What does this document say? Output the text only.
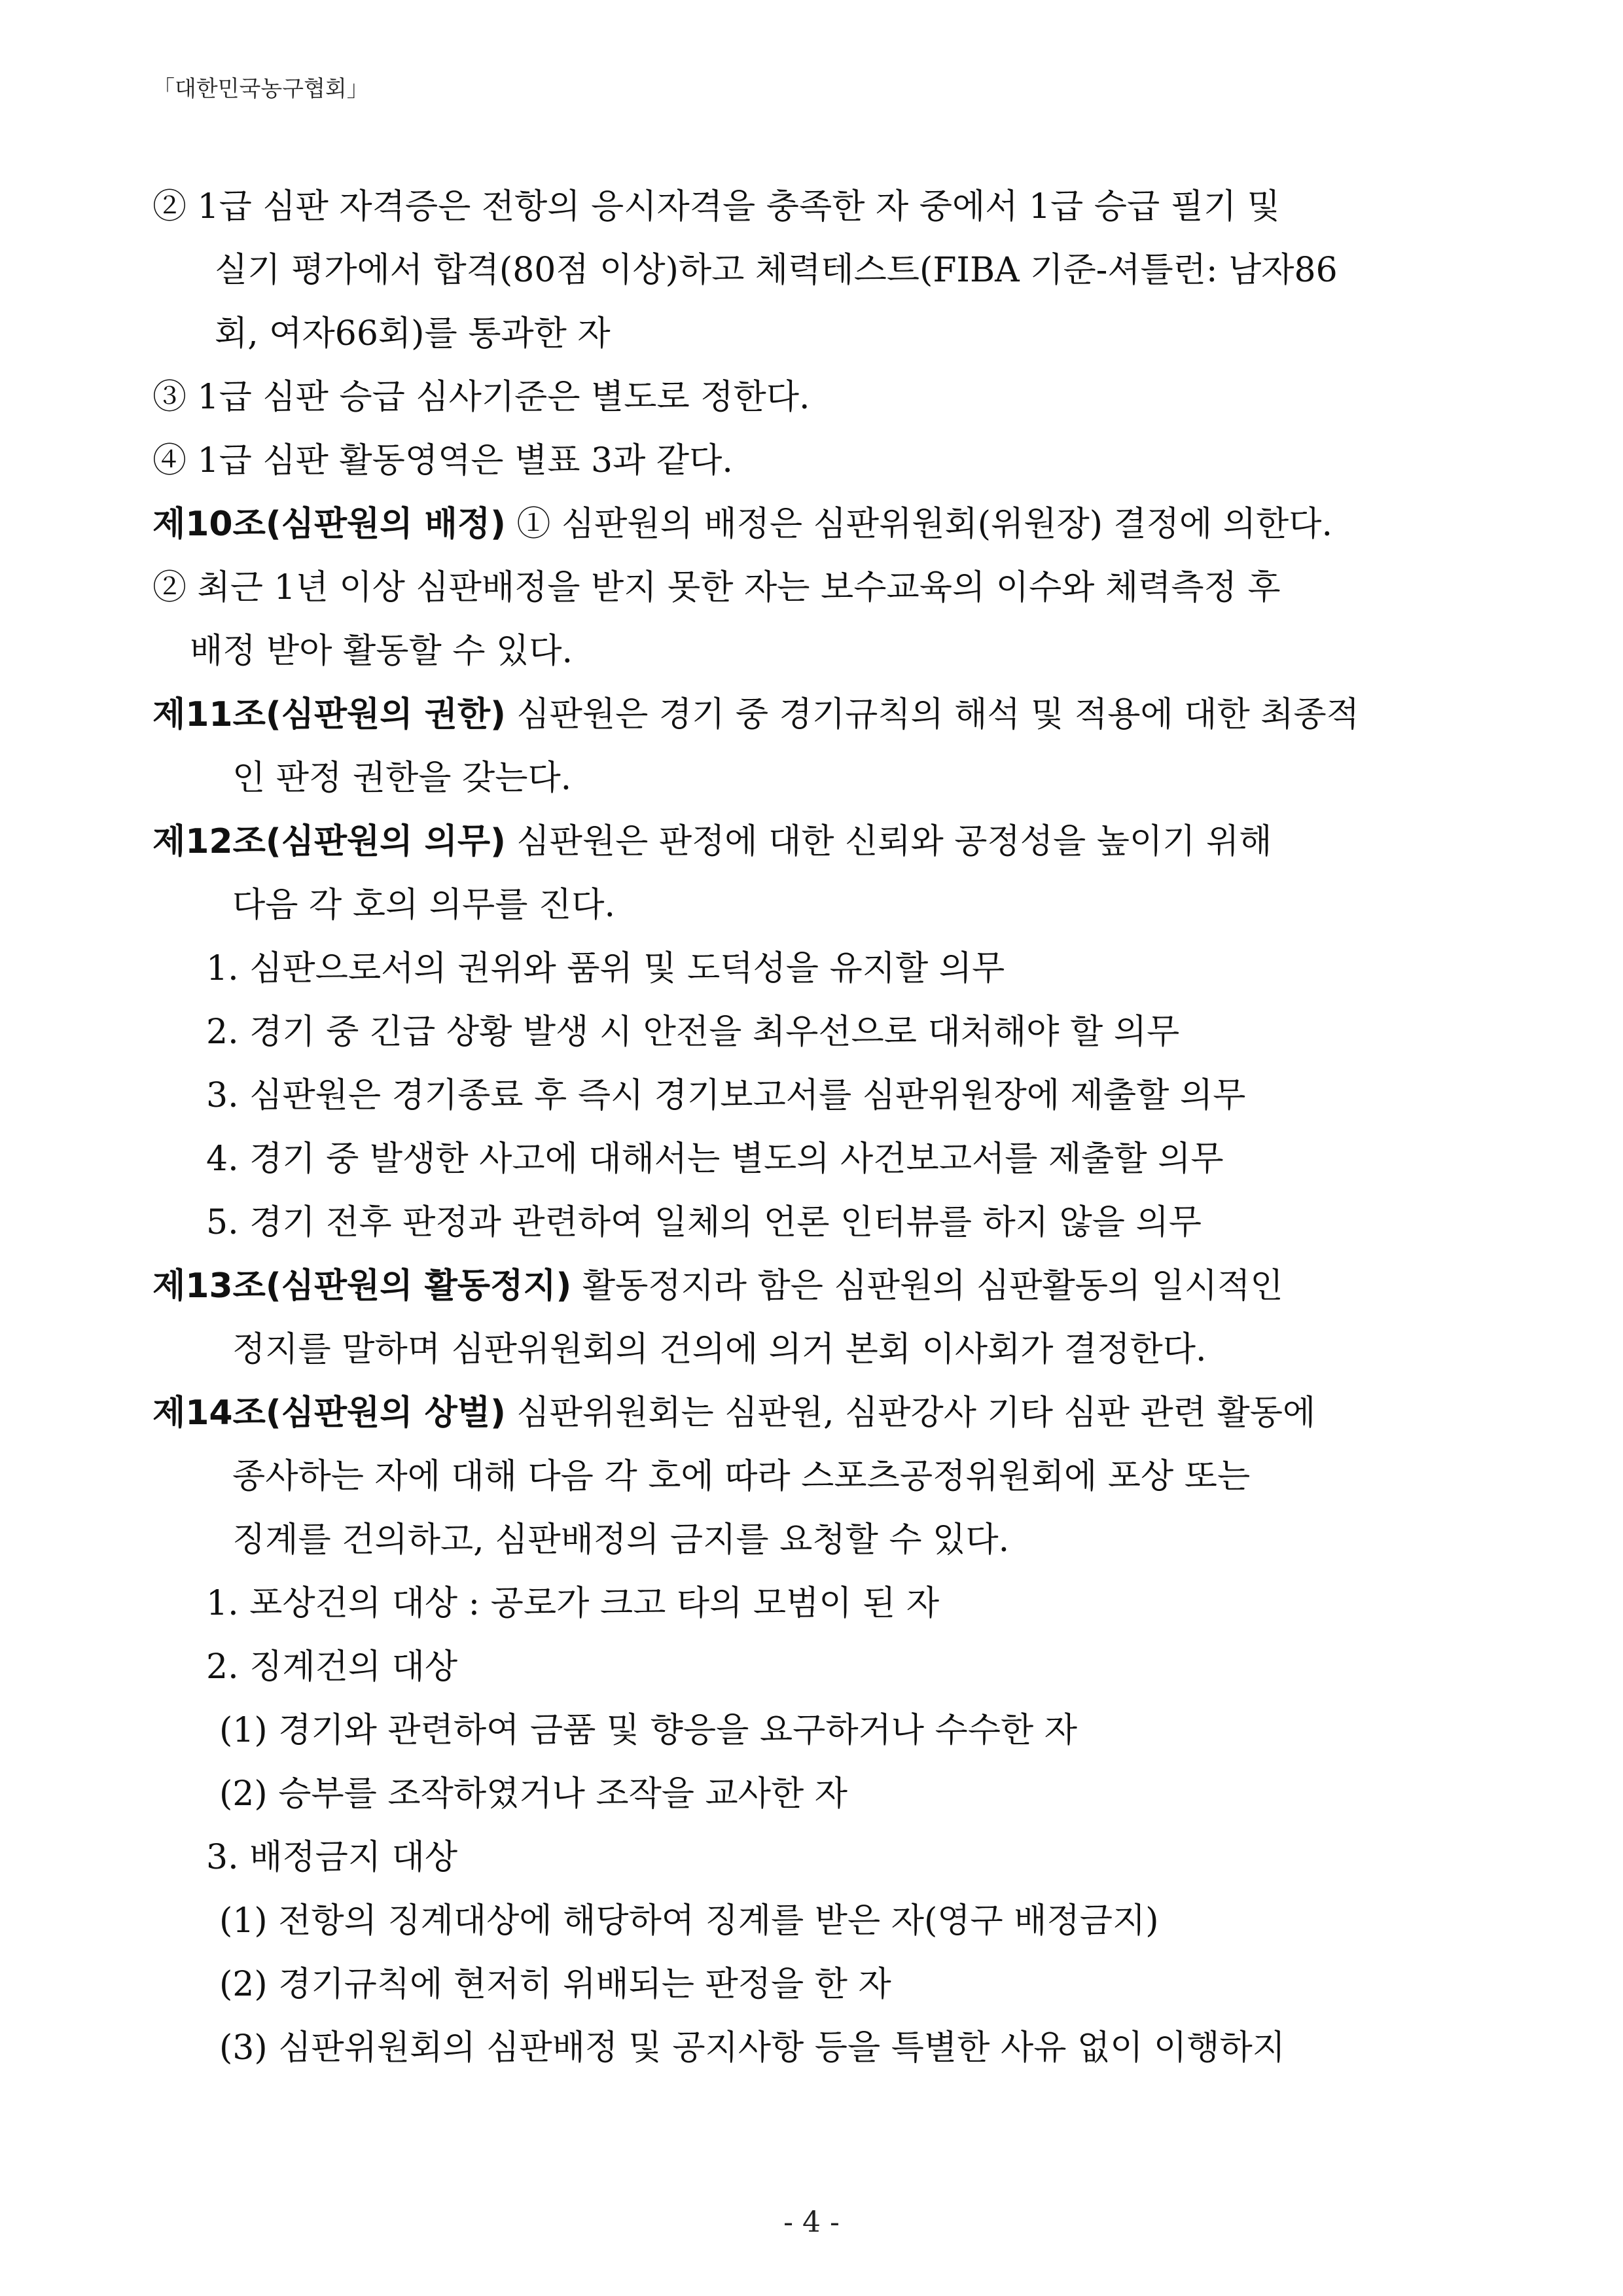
「대한민국농구협회」
② 1급 심판 자격증은 전항의 응시자격을 충족한 자 중에서 1급 승급 필기 및
실기 평가에서 합격(80점 이상)하고 체력테스트(FIBA 기준-셔틀런: 남자86
회, 여자66회)를 통과한 자
③ 1급 심판 승급 심사기준은 별도로 정한다.
④ 1급 심판 활동영역은 별표 3과 같다.
제10조(심판원의 배정) ① 심판원의 배정은 심판위원회(위원장) 결정에 의한다.
② 최근 1년 이상 심판배정을 받지 못한 자는 보수교육의 이수와 체력측정 후
배정 받아 활동할 수 있다.
제11조(심판원의 권한) 심판원은 경기 중 경기규칙의 해석 및 적용에 대한 최종적
인 판정 권한을 갖는다.
제12조(심판원의 의무) 심판원은 판정에 대한 신뢰와 공정성을 높이기 위해
다음 각 호의 의무를 진다.
1. 심판으로서의 권위와 품위 및 도덕성을 유지할 의무
2. 경기 중 긴급 상황 발생 시 안전을 최우선으로 대처해야 할 의무
3. 심판원은 경기종료 후 즉시 경기보고서를 심판위원장에 제출할 의무
4. 경기 중 발생한 사고에 대해서는 별도의 사건보고서를 제출할 의무
5. 경기 전후 판정과 관련하여 일체의 언론 인터뷰를 하지 않을 의무
제13조(심판원의 활동정지) 활동정지라 함은 심판원의 심판활동의 일시적인
정지를 말하며 심판위원회의 건의에 의거 본회 이사회가 결정한다.
제14조(심판원의 상벌) 심판위원회는 심판원, 심판강사 기타 심판 관련 활동에
종사하는 자에 대해 다음 각 호에 따라 스포츠공정위원회에 포상 또는
징계를 건의하고, 심판배정의 금지를 요청할 수 있다.
1. 포상건의 대상 : 공로가 크고 타의 모범이 된 자
2. 징계건의 대상
(1) 경기와 관련하여 금품 및 향응을 요구하거나 수수한 자
(2) 승부를 조작하였거나 조작을 교사한 자
3. 배정금지 대상
(1) 전항의 징계대상에 해당하여 징계를 받은 자(영구 배정금지)
(2) 경기규칙에 현저히 위배되는 판정을 한 자
(3) 심판위원회의 심판배정 및 공지사항 등을 특별한 사유 없이 이행하지
- 4 -
